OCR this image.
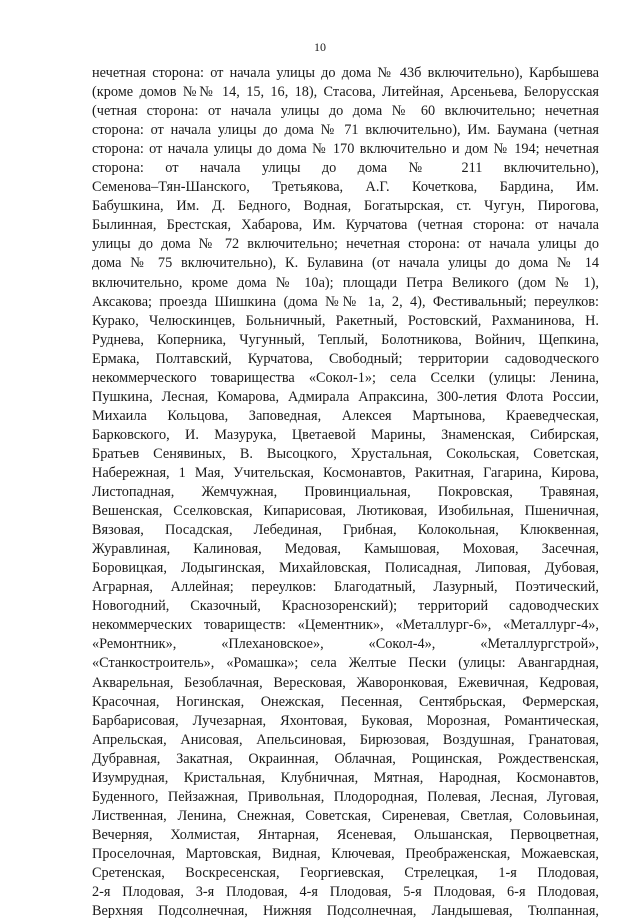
10
нечетная сторона: от начала улицы до дома № 43б включительно), Карбышева
(кроме домов №№ 14, 15, 16, 18), Стасова, Литейная, Арсеньева, Белорусская
(четная сторона: от начала улицы до дома № 60 включительно; нечетная
сторона: от начала улицы до дома № 71 включительно), Им. Баумана (четная
сторона: от начала улицы до дома № 170 включительно и дом № 194; нечетная
сторона: от начала улицы до дома № 211 включительно),
Семенова–Тян-Шанского, Третьякова, А.Г. Кочеткова, Бардина, Им.
Бабушкина, Им. Д. Бедного, Водная, Богатырская, ст. Чугун, Пирогова,
Былинная, Брестская, Хабарова, Им. Курчатова (четная сторона: от начала
улицы до дома № 72 включительно; нечетная сторона: от начала улицы до
дома № 75 включительно), К. Булавина (от начала улицы до дома № 14
включительно, кроме дома № 10а); площади Петра Великого (дом № 1),
Аксакова; проезда Шишкина (дома №№ 1а, 2, 4), Фестивальный; переулков:
Куракo, Челюскинцев, Больничный, Ракетный, Ростовский, Рахманинова, Н.
Руднева, Коперника, Чугунный, Теплый, Болотникова, Войнич, Щепкина,
Ермака, Полтавский, Курчатова, Свободный; территории садоводческого
некоммерческого товарищества «Сокол-1»; села Сселки (улицы: Ленина,
Пушкина, Лесная, Комарова, Адмирала Апраксина, 300-летия Флота России,
Михаила Кольцова, Заповедная, Алексея Мартынова, Краеведческая,
Барковского, И. Мазурука, Цветаевой Марины, Знаменская, Сибирская,
Братьев Сенявиных, В. Высоцкого, Хрустальная, Сокольская, Советская,
Набережная, 1 Мая, Учительская, Космонавтов, Ракитная, Гагарина, Кирова,
Листопадная, Жемчужная, Провинциальная, Покровская, Травяная,
Вешенская, Сселковская, Кипарисовая, Лютиковая, Изобильная, Пшеничная,
Вязовая, Посадская, Лебединая, Грибная, Колокольная, Клюквенная,
Журавлиная, Калиновая, Медовая, Камышовая, Моховая, Засечная,
Боровицкая, Лодыгинская, Михайловская, Полисадная, Липовая, Дубовая,
Аграрная, Аллейная; переулков: Благодатный, Лазурный, Поэтический,
Новогодний, Сказочный, Краснозоренский); территорий садоводческих
некоммерческих товариществ: «Цементник», «Металлург-6», «Металлург-4»,
«Ремонтник», «Плехановское», «Сокол-4», «Металлургстрой»,
«Станкостроитель», «Ромашка»; села Желтые Пески (улицы: Авангардная,
Акварельная, Безоблачная, Вересковая, Жаворонковая, Ежевичная, Кедровая,
Красочная, Ногинская, Онежская, Песенная, Сентябрьская, Фермерская,
Барбарисовая, Лучезарная, Яхонтовая, Буковая, Морозная, Романтическая,
Апрельская, Анисовая, Апельсиновая, Бирюзовая, Воздушная, Гранатовая,
Дубравная, Закатная, Окраинная, Облачная, Рощинская, Рождественская,
Изумрудная, Кристальная, Клубничная, Мятная, Народная, Космонавтов,
Буденного, Пейзажная, Привольная, Плодородная, Полевая, Лесная, Луговая,
Лиственная, Ленина, Снежная, Советская, Сиреневая, Светлая, Соловьиная,
Вечерняя, Холмистая, Янтарная, Ясеневая, Ольшанская, Первоцветная,
Проселочная, Мартовская, Видная, Ключевая, Преображенская, Можаевская,
Сретенская, Воскресенская, Георгиевская, Стрелецкая, 1-я Плодовая,
2-я Плодовая, 3-я Плодовая, 4-я Плодовая, 5-я Плодовая, 6-я Плодовая,
Верхняя Подсолнечная, Нижняя Подсолнечная, Ландышевая, Тюлпанная,
